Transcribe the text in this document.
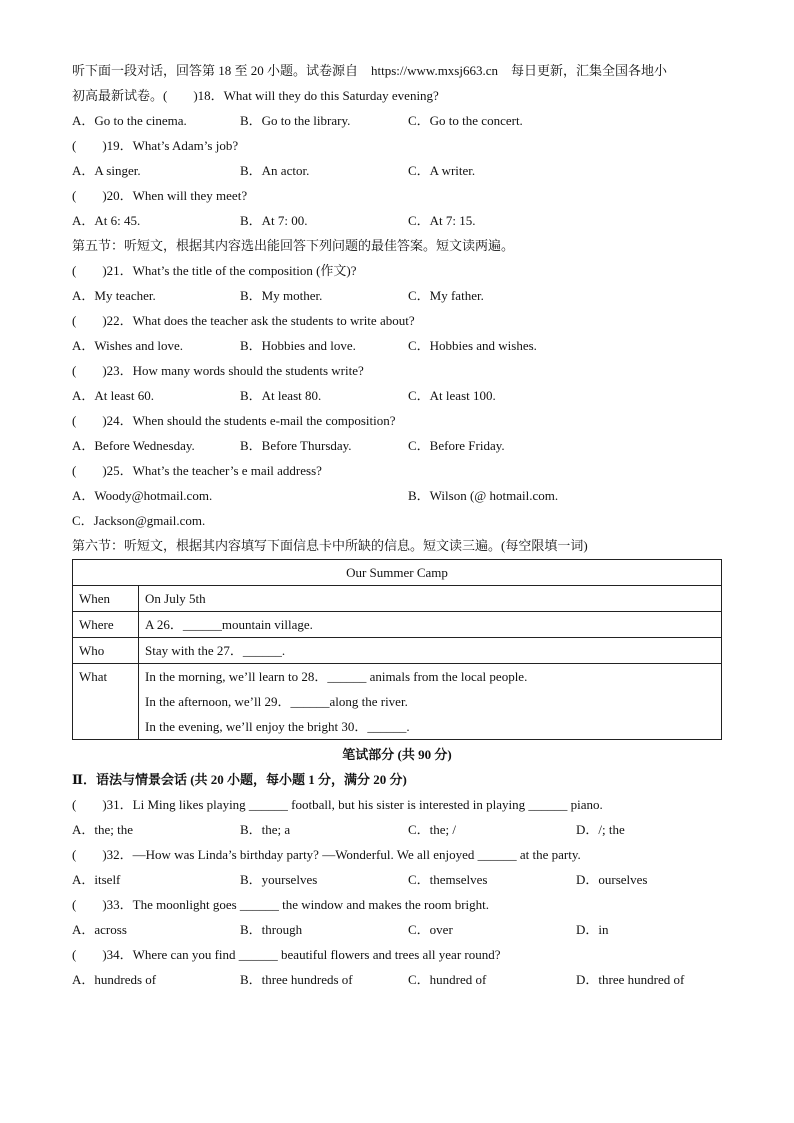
听下面一段对话，回答第 18 至 20 小题。试卷源自　https://www.mxsj663.cn　每日更新，汇集全国各地小
初高最新试卷。(　　)18．What will they do this Saturday evening?
A．Go to the cinema.	B．Go to the library.	C．Go to the concert.
(　　)19．What’s Adam’s job?
A．A singer.	B．An actor.	C．A writer.
(　　)20．When will they meet?
A．At 6: 45.	B．At 7: 00.	C．At 7: 15.
第五节：听短文，根据其内容选出能回答下列问题的最佳答案。短文读两遍。
(　　)21．What’s the title of the composition (作文)?
A．My teacher.	B．My mother.	C．My father.
(　　)22．What does the teacher ask the students to write about?
A．Wishes and love.	B．Hobbies and love.	C．Hobbies and wishes.
(　　)23．How many words should the students write?
A．At least 60.	B．At least 80.	C．At least 100.
(　　)24．When should the students e-mail the composition?
A．Before Wednesday.	B．Before Thursday.	C．Before Friday.
(　　)25．What’s the teacher’s e mail address?
A．Woody@hotmail.com.	B．Wilson (@ hotmail.com.
C．Jackson@gmail.com.
第六节：听短文，根据其内容填写下面信息卡中所缺的信息。短文读三遍。(每空限填一词)
Our Summer Camp	
When	On July 5th
Where	A 26．______mountain village.
Who	Stay with the 27．______.
What	In the morning, we’ll learn to 28．______ animals from the local people.
In the afternoon, we’ll 29．______along the river.
In the evening, we’ll enjoy the bright 30．______.
笔试部分 (共 90 分)
Ⅱ．语法与情景会话 (共 20 小题，每小题 1 分，满分 20 分)
(　　)31．Li Ming likes playing ______ football, but his sister is interested in playing ______ piano.
A．the; the	B．the; a	C．the; /	D．/; the
(　　)32．—How was Linda’s birthday party? —Wonderful. We all enjoyed ______ at the party.
A．itself	B．yourselves	C．themselves	D．ourselves
(　　)33．The moonlight goes ______ the window and makes the room bright.
A．across	B．through	C．over	D．in
(　　)34．Where can you find ______ beautiful flowers and trees all year round?
A．hundreds of	B．three hundreds of	C．hundred of	D．three hundred of
